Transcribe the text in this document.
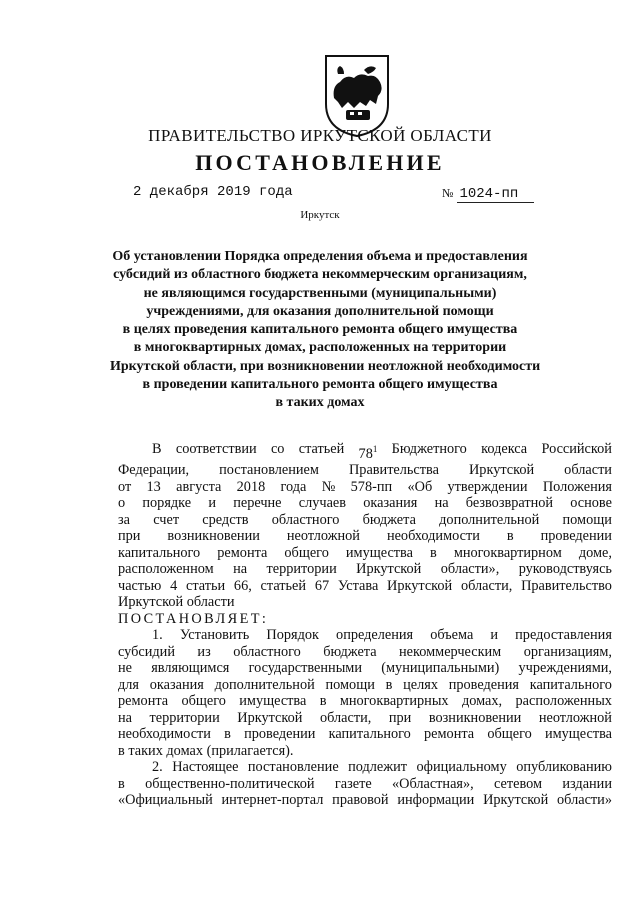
ПРАВИТЕЛЬСТВО ИРКУТСКОЙ ОБЛАСТИ
ПОСТАНОВЛЕНИЕ
2 декабря 2019 года	№ 1024-пп
Иркутск
Об установлении Порядка определения объема и предоставления
субсидий из областного бюджета некоммерческим организациям,
не являющимся государственными (муниципальными)
учреждениями, для оказания дополнительной помощи
в целях проведения капитального ремонта общего имущества
в многоквартирных домах, расположенных на территории
Иркутской области, при возникновении неотложной необходимости
в проведении капитального ремонта общего имущества
в таких домах
В соответствии со статьей $78^1$ Бюджетного кодекса Российской
Федерации, постановлением Правительства Иркутской области
от 13 августа 2018 года № 578-пп «Об утверждении Положения
о порядке и перечне случаев оказания на безвозвратной основе
за счет средств областного бюджета дополнительной помощи
при возникновении неотложной необходимости в проведении
капитального ремонта общего имущества в многоквартирном доме,
расположенном на территории Иркутской области», руководствуясь
частью 4 статьи 66, статьей 67 Устава Иркутской области, Правительство
Иркутской области
ПОСТАНОВЛЯЕТ:
1. Установить Порядок определения объема и предоставления
субсидий из областного бюджета некоммерческим организациям,
не являющимся государственными (муниципальными) учреждениями,
для оказания дополнительной помощи в целях проведения капитального
ремонта общего имущества в многоквартирных домах, расположенных
на территории Иркутской области, при возникновении неотложной
необходимости в проведении капитального ремонта общего имущества
в таких домах (прилагается).
2. Настоящее постановление подлежит официальному опубликованию
в общественно-политической газете «Областная», сетевом издании
«Официальный интернет-портал правовой информации Иркутской области»
